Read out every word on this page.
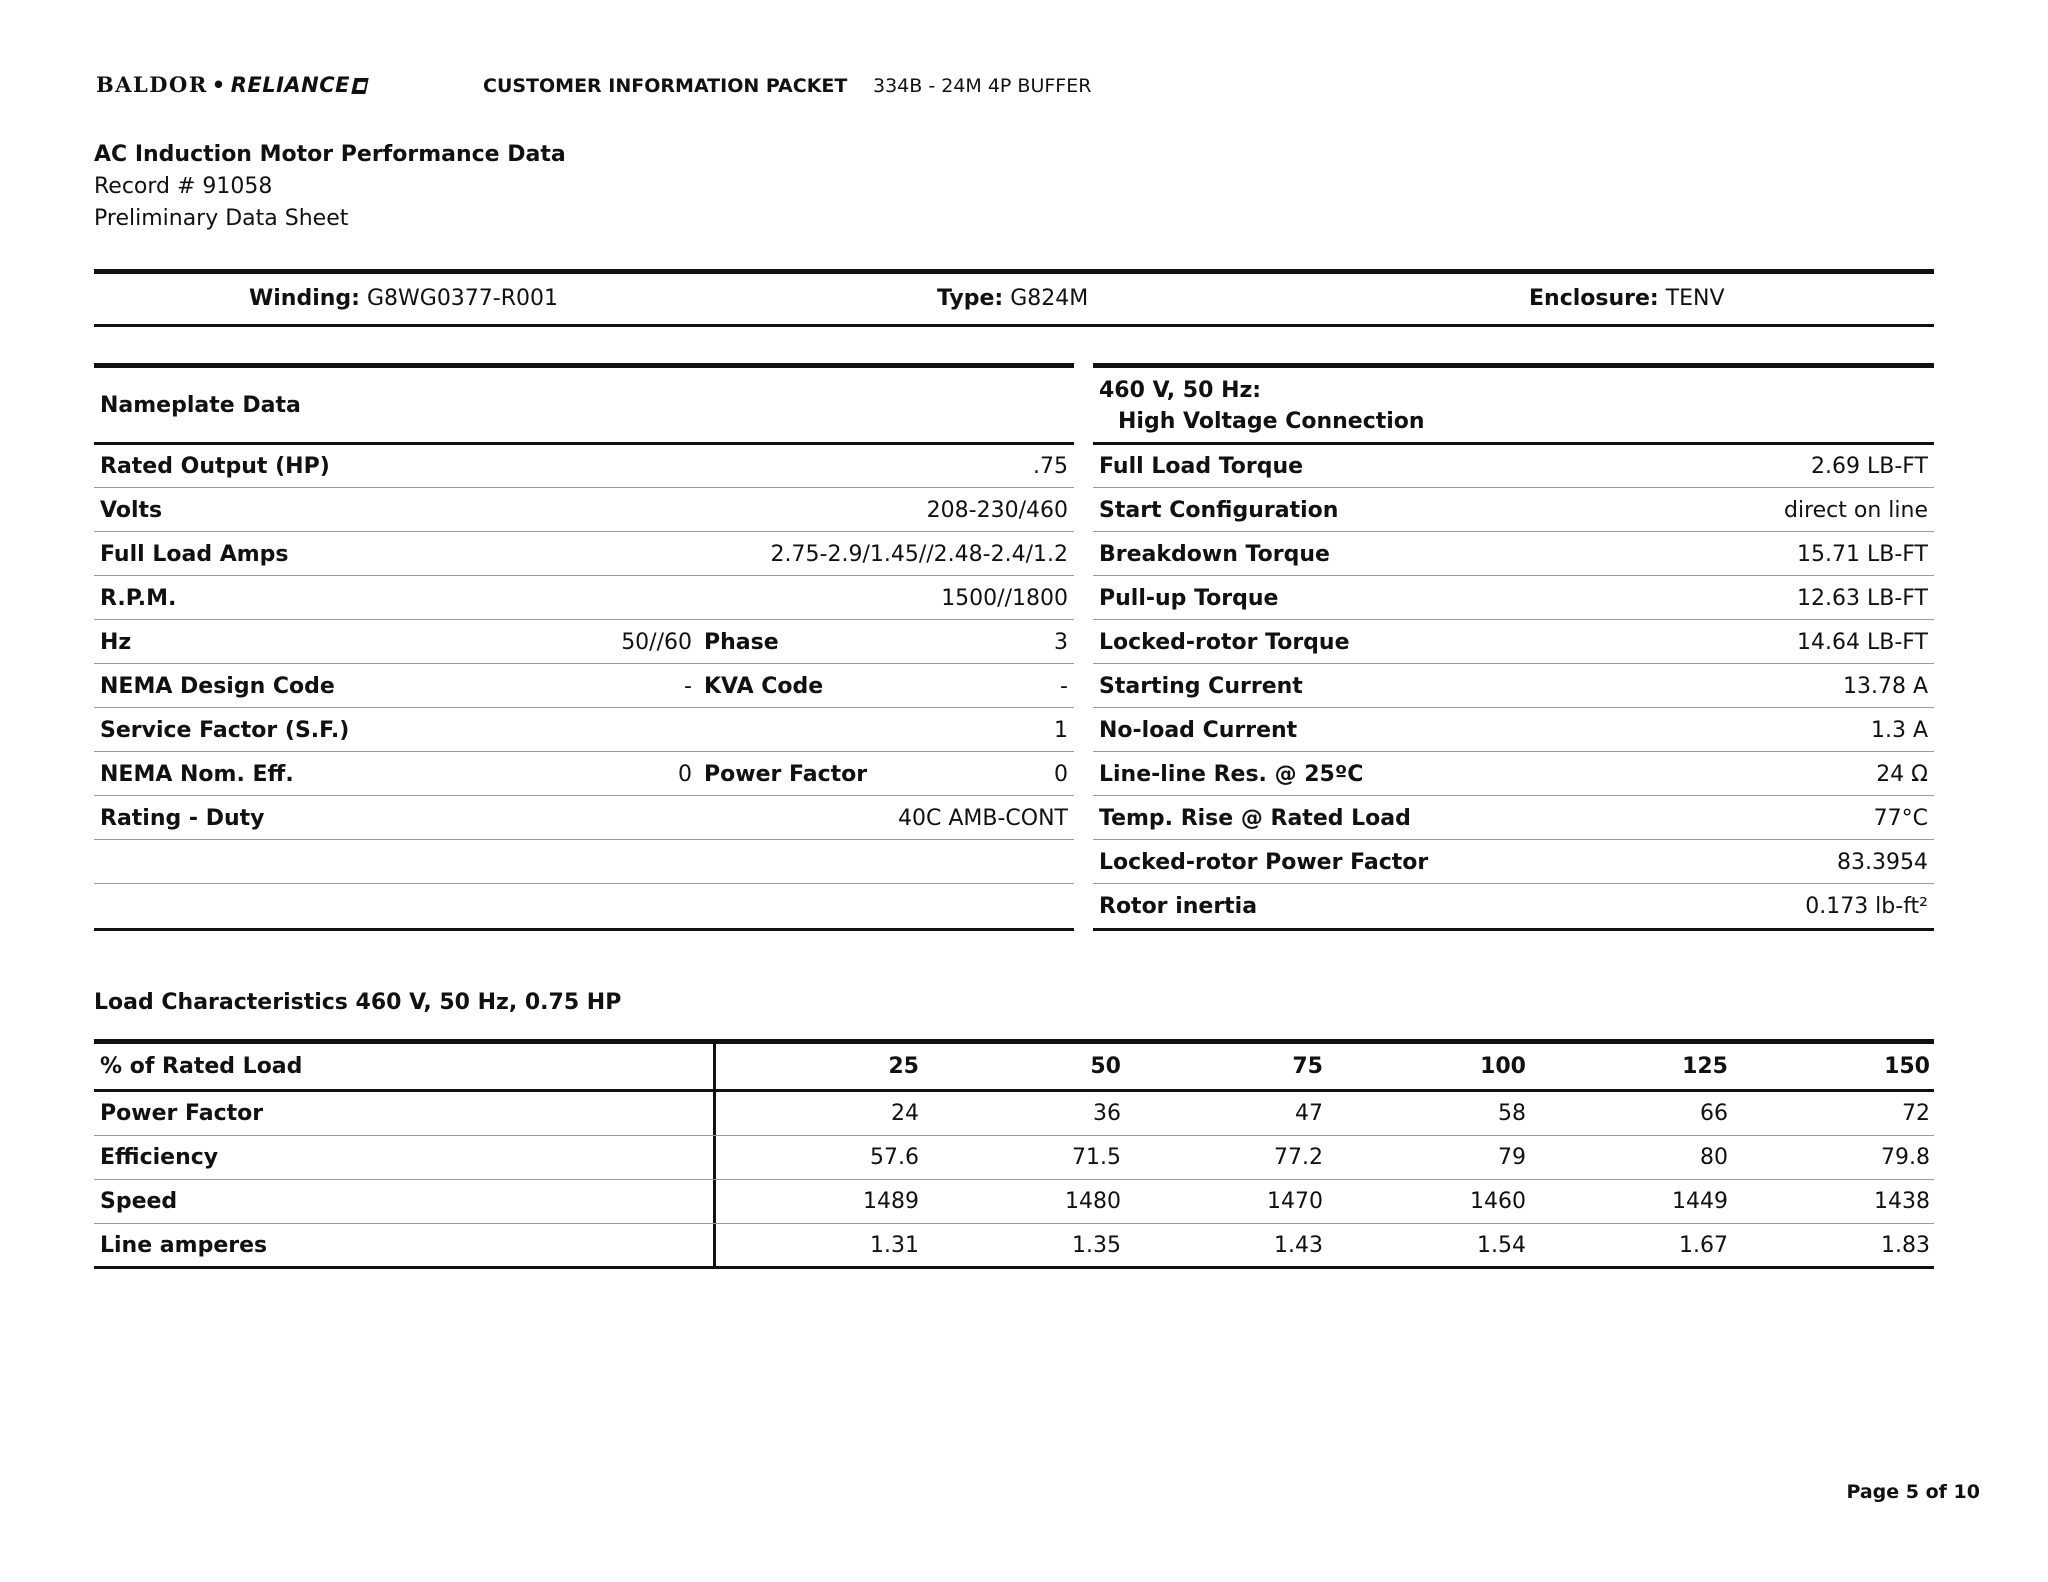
BALDOR • RELIANCE	CUSTOMER INFORMATION PACKET 334B - 24M 4P BUFFER
AC Induction Motor Performance Data
Record # 91058
Preliminary Data Sheet
Winding: G8WG0377-R001	Type: G824M	Enclosure: TENV
Nameplate Data
Rated Output (HP)	.75
Volts	208-230/460
Full Load Amps	2.75-2.9/1.45//2.48-2.4/1.2
R.P.M.	1500//1800
Hz	50//60 Phase	3
NEMA Design Code	- KVA Code	-
Service Factor (S.F.)	1
NEMA Nom. Eff.	0 Power Factor	0
Rating - Duty	40C AMB-CONT
460 V, 50 Hz:
High Voltage Connection
Full Load Torque	2.69 LB-FT
Start Configuration	direct on line
Breakdown Torque	15.71 LB-FT
Pull-up Torque	12.63 LB-FT
Locked-rotor Torque	14.64 LB-FT
Starting Current	13.78 A
No-load Current	1.3 A
Line-line Res. @ 25ºC	24 Ω
Temp. Rise @ Rated Load	77°C
Locked-rotor Power Factor	83.3954
Rotor inertia	0.173 lb-ft²
Load Characteristics 460 V, 50 Hz, 0.75 HP
% of Rated Load	25	50	75	100	125	150
Power Factor	24	36	47	58	66	72
Efficiency	57.6	71.5	77.2	79	80	79.8
Speed	1489	1480	1470	1460	1449	1438
Line amperes	1.31	1.35	1.43	1.54	1.67	1.83
Page 5 of 10
